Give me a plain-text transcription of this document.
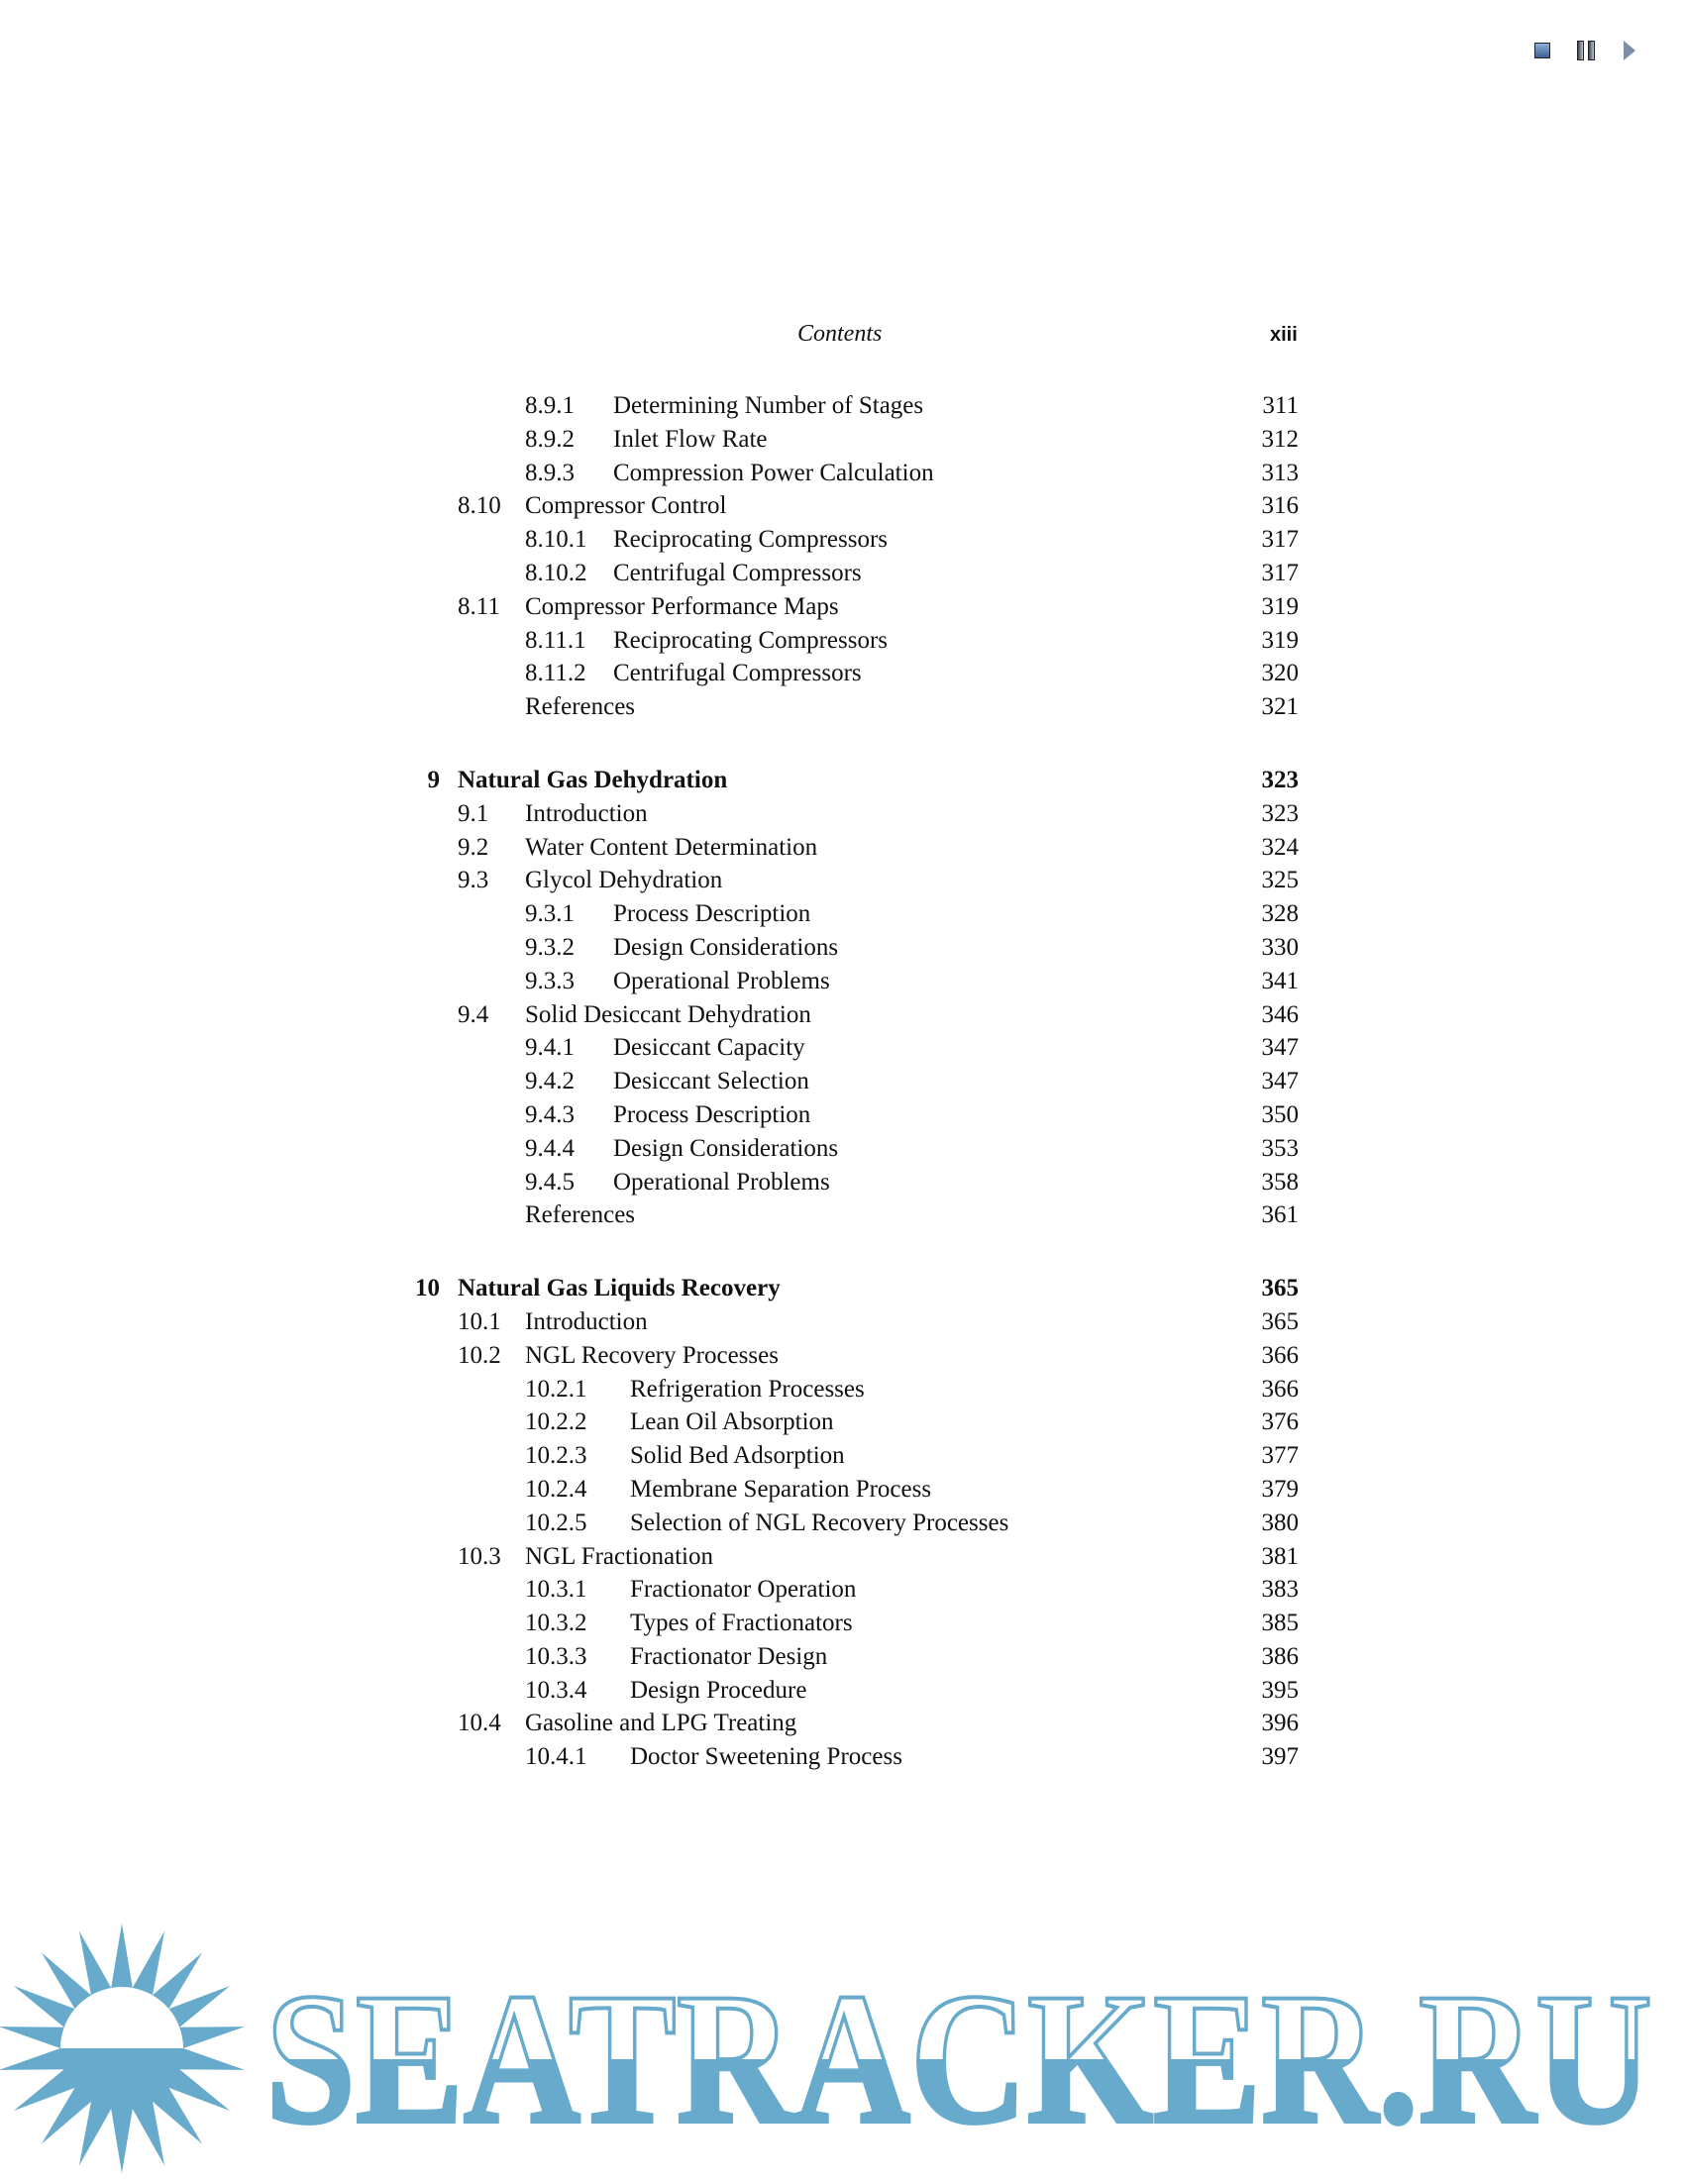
Contents	xiii
8.9.1 Determining Number of Stages	311
8.9.2 Inlet Flow Rate	312
8.9.3 Compression Power Calculation	313
8.10 Compressor Control	316
8.10.1 Reciprocating Compressors	317
8.10.2 Centrifugal Compressors	317
8.11 Compressor Performance Maps	319
8.11.1 Reciprocating Compressors	319
8.11.2 Centrifugal Compressors	320
References	321
9 Natural Gas Dehydration	323
9.1 Introduction	323
9.2 Water Content Determination	324
9.3 Glycol Dehydration	325
9.3.1 Process Description	328
9.3.2 Design Considerations	330
9.3.3 Operational Problems	341
9.4 Solid Desiccant Dehydration	346
9.4.1 Desiccant Capacity	347
9.4.2 Desiccant Selection	347
9.4.3 Process Description	350
9.4.4 Design Considerations	353
9.4.5 Operational Problems	358
References	361
10 Natural Gas Liquids Recovery	365
10.1 Introduction	365
10.2 NGL Recovery Processes	366
10.2.1 Refrigeration Processes	366
10.2.2 Lean Oil Absorption	376
10.2.3 Solid Bed Adsorption	377
10.2.4 Membrane Separation Process	379
10.2.5 Selection of NGL Recovery Processes	380
10.3 NGL Fractionation	381
10.3.1 Fractionator Operation	383
10.3.2 Types of Fractionators	385
10.3.3 Fractionator Design	386
10.3.4 Design Procedure	395
10.4 Gasoline and LPG Treating	396
10.4.1 Doctor Sweetening Process	397
SEATRACKER.RU
